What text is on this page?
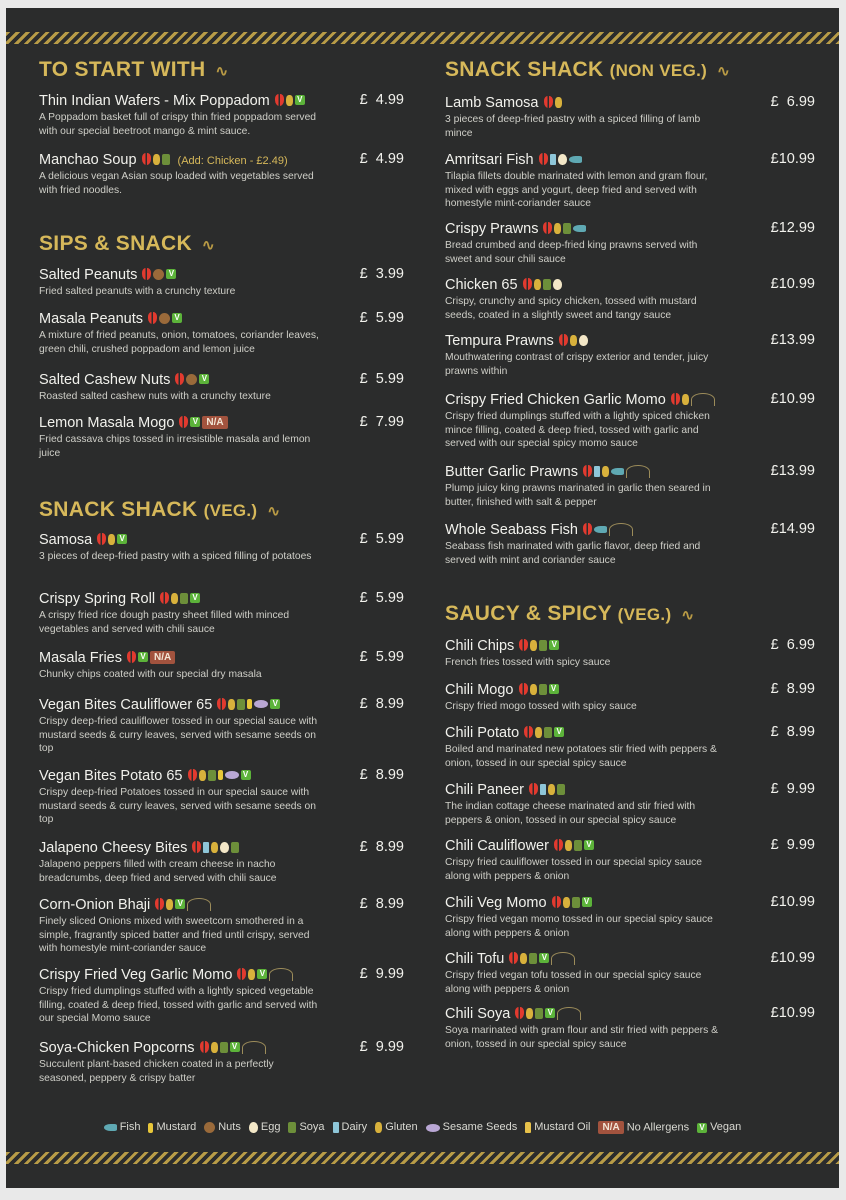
TO START WITH ∿
Thin Indian Wafers - Mix Poppadom	V	£  4.99
A Poppadom basket full of crispy thin fried poppadom served with our special beetroot mango & mint sauce.
Manchao Soup	(Add: Chicken - £2.49)	£  4.99
A delicious vegan Asian soup loaded with vegetables served with fried noodles.
SIPS & SNACK ∿
Salted Peanuts	V	£  3.99
Fried salted peanuts with a crunchy texture
Masala Peanuts	V	£  5.99
A mixture of fried peanuts, onion, tomatoes, coriander leaves, green chili, crushed poppadom and lemon juice
Salted Cashew Nuts	V	£  5.99
Roasted salted cashew nuts with a crunchy texture
Lemon Masala Mogo V N/A	£  7.99
Fried cassava chips tossed in irresistible masala and lemon juice
SNACK SHACK (VEG.) ∿
Samosa	V	£  5.99
3 pieces of deep-fried pastry with a spiced filling of potatoes
Crispy Spring Roll	V	£  5.99
A crispy fried rice dough pastry sheet filled with minced vegetables and served with chili sauce
Masala Fries V N/A	£  5.99
Chunky chips coated with our special dry masala
Vegan Bites Cauliflower 65	V	£  8.99
Crispy deep-fried cauliflower tossed in our special sauce with mustard seeds & curry leaves, served with sesame seeds on top
Vegan Bites Potato 65	V	£  8.99
Crispy deep-fried Potatoes tossed in our special sauce with mustard seeds & curry leaves, served with sesame seeds on top
Jalapeno Cheesy Bites	£  8.99
Jalapeno peppers filled with cream cheese in nacho breadcrumbs, deep fried and served with chili sauce
Corn-Onion Bhaji	V	£  8.99
Finely sliced Onions mixed with sweetcorn smothered in a simple, fragrantly spiced batter and fried until crispy, served with homestyle mint-coriander sauce
Crispy Fried Veg Garlic Momo	V	£  9.99
Crispy fried dumplings stuffed with a lightly spiced vegetable filling, coated & deep fried, tossed with garlic and served with our special Momo sauce
Soya-Chicken Popcorns	V	£  9.99
Succulent plant-based chicken coated in a perfectly seasoned, peppery & crispy batter
SNACK SHACK (NON VEG.) ∿
Lamb Samosa	£  6.99
3 pieces of deep-fried pastry with a spiced filling of lamb mince
Amritsari Fish	£10.99
Tilapia fillets double marinated with lemon and gram flour, mixed with eggs and yogurt, deep fried and served with homestyle mint-coriander sauce
Crispy Prawns	£12.99
Bread crumbed and deep-fried king prawns served with sweet and sour chili sauce
Chicken 65	£10.99
Crispy, crunchy and spicy chicken, tossed with mustard seeds, coated in a slightly sweet and tangy sauce
Tempura Prawns	£13.99
Mouthwatering contrast of crispy exterior and tender, juicy prawns within
Crispy Fried Chicken Garlic Momo	£10.99
Crispy fried dumplings stuffed with a lightly spiced chicken mince filling, coated & deep fried, tossed with garlic and served with our special spicy momo sauce
Butter Garlic Prawns	£13.99
Plump juicy king prawns marinated in garlic then seared in butter, finished with salt & pepper
Whole Seabass Fish	£14.99
Seabass fish marinated with garlic flavor, deep fried and served with mint and coriander sauce
SAUCY & SPICY (VEG.) ∿
Chili Chips	V	£  6.99
French fries tossed with spicy sauce
Chili Mogo	V	£  8.99
Crispy fried mogo tossed with spicy sauce
Chili Potato	V	£  8.99
Boiled and marinated new potatoes stir fried with peppers & onion, tossed in our special spicy sauce
Chili Paneer	£  9.99
The indian cottage cheese marinated and stir fried with peppers & onion, tossed in our special spicy sauce
Chili Cauliflower	V	£  9.99
Crispy fried cauliflower tossed in our special spicy sauce along with peppers & onion
Chili Veg Momo	V	£10.99
Crispy fried vegan momo tossed in our special spicy sauce along with peppers & onion
Chili Tofu	V	£10.99
Crispy fried vegan tofu tossed in our special spicy sauce along with peppers & onion
Chili Soya	V	£10.99
Soya marinated with gram flour and stir fried with peppers & onion, tossed in our special spicy sauce
Fish Mustard Nuts Egg Soya Dairy Gluten Sesame Seeds Mustard Oil N/A No Allergens V Vegan
